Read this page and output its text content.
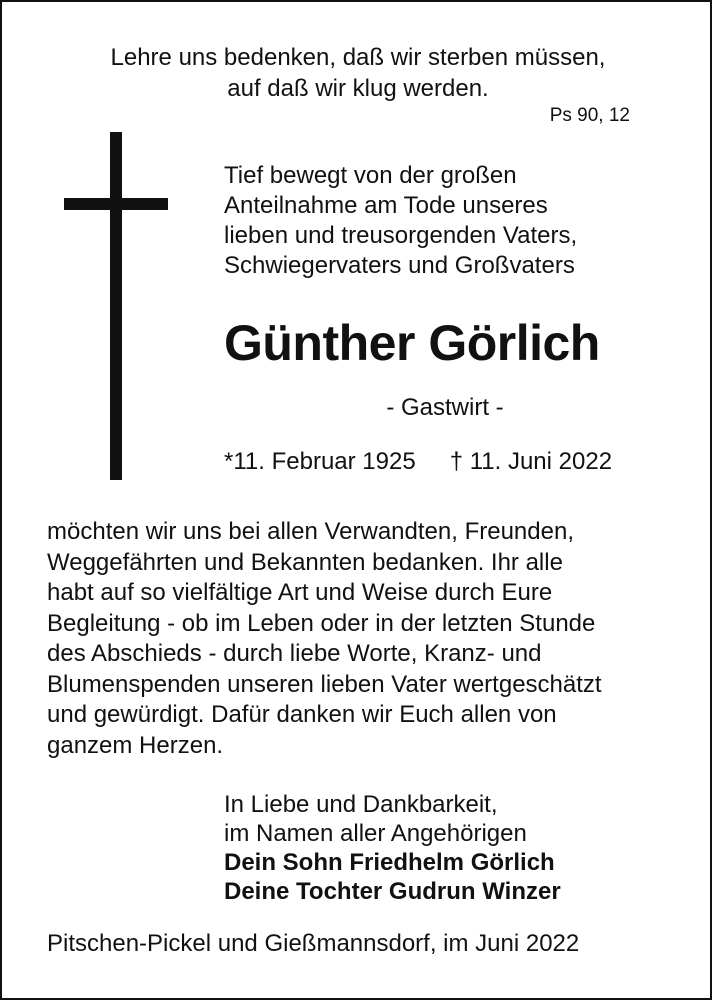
Lehre uns bedenken, daß wir sterben müssen,
auf daß wir klug werden.
Ps 90, 12
Tief bewegt von der großen
Anteilnahme am Tode unseres
lieben und treusorgenden Vaters,
Schwiegervaters und Großvaters
Günther Görlich
- Gastwirt -
*11. Februar 1925 † 11. Juni 2022
möchten wir uns bei allen Verwandten, Freunden,
Weggefährten und Bekannten bedanken. Ihr alle
habt auf so vielfältige Art und Weise durch Eure
Begleitung - ob im Leben oder in der letzten Stunde
des Abschieds - durch liebe Worte, Kranz- und
Blumenspenden unseren lieben Vater wertgeschätzt
und gewürdigt. Dafür danken wir Euch allen von
ganzem Herzen.
In Liebe und Dankbarkeit,
im Namen aller Angehörigen
Dein Sohn Friedhelm Görlich
Deine Tochter Gudrun Winzer
Pitschen-Pickel und Gießmannsdorf, im Juni 2022
